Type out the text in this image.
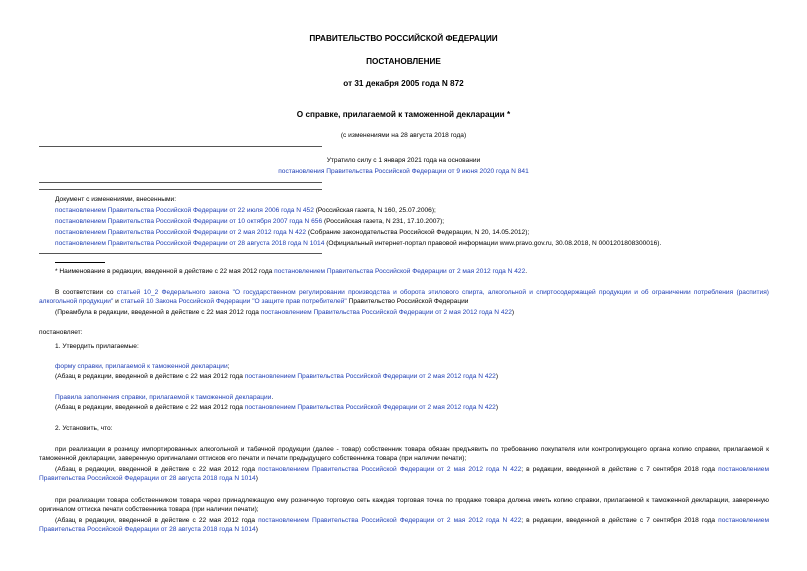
ПРАВИТЕЛЬСТВО РОССИЙСКОЙ ФЕДЕРАЦИИ
ПОСТАНОВЛЕНИЕ
от 31 декабря 2005 года N 872
О справке, прилагаемой к таможенной декларации *
(с изменениями на 28 августа 2018 года)
Утратило силу с 1 января 2021 года на основании
постановления Правительства Российской Федерации от 9 июня 2020 года N 841
Документ с изменениями, внесенными:
постановлением Правительства Российской Федерации от 22 июля 2006 года N 452 (Российская газета, N 160, 25.07.2006);
постановлением Правительства Российской Федерации от 10 октября 2007 года N 656 (Российская газета, N 231, 17.10.2007);
постановлением Правительства Российской Федерации от 2 мая 2012 года N 422 (Собрание законодательства Российской Федерации, N 20, 14.05.2012);
постановлением Правительства Российской Федерации от 28 августа 2018 года N 1014 (Официальный интернет-портал правовой информации www.pravo.gov.ru, 30.08.2018, N 0001201808300016).
* Наименование в редакции, введенной в действие с 22 мая 2012 года постановлением Правительства Российской Федерации от 2 мая 2012 года N 422.
В соответствии со статьей 10_2 Федерального закона "О государственном регулировании производства и оборота этилового спирта, алкогольной и спиртосодержащей продукции и об ограничении потребления (распития) алкогольной продукции" и статьей 10 Закона Российской Федерации "О защите прав потребителей" Правительство Российской Федерации
(Преамбула в редакции, введенной в действие с 22 мая 2012 года постановлением Правительства Российской Федерации от 2 мая 2012 года N 422)
постановляет:
1. Утвердить прилагаемые:
форму справки, прилагаемой к таможенной декларации;
(Абзац в редакции, введенной в действие с 22 мая 2012 года постановлением Правительства Российской Федерации от 2 мая 2012 года N 422)
Правила заполнения справки, прилагаемой к таможенной декларации.
(Абзац в редакции, введенной в действие с 22 мая 2012 года постановлением Правительства Российской Федерации от 2 мая 2012 года N 422)
2. Установить, что:
при реализации в розницу импортированных алкогольной и табачной продукции (далее - товар) собственник товара обязан предъявить по требованию покупателя или контролирующего органа копию справки, прилагаемой к таможенной декларации, заверенную оригиналами оттисков его печати и печати предыдущего собственника товара (при наличии печати);
(Абзац в редакции, введенной в действие с 22 мая 2012 года постановлением Правительства Российской Федерации от 2 мая 2012 года N 422; в редакции, введенной в действие с 7 сентября 2018 года постановлением Правительства Российской Федерации от 28 августа 2018 года N 1014)
при реализации товара собственником товара через принадлежащую ему розничную торговую сеть каждая торговая точка по продаже товара должна иметь копию справки, прилагаемой к таможенной декларации, заверенную оригиналом оттиска печати собственника товара (при наличии печати);
(Абзац в редакции, введенной в действие с 22 мая 2012 года постановлением Правительства Российской Федерации от 2 мая 2012 года N 422; в редакции, введенной в действие с 7 сентября 2018 года постановлением Правительства Российской Федерации от 28 августа 2018 года N 1014)
